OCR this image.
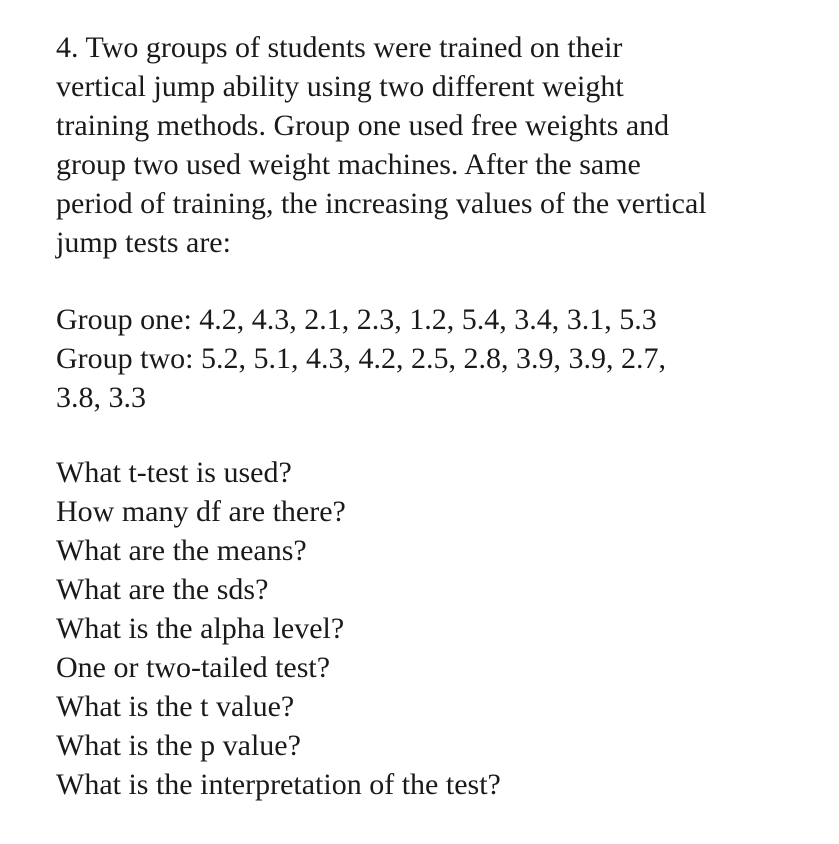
4. Two groups of students were trained on their
vertical jump ability using two different weight
training methods. Group one used free weights and
group two used weight machines. After the same
period of training, the increasing values of the vertical
jump tests are:

Group one: 4.2, 4.3, 2.1, 2.3, 1.2, 5.4, 3.4, 3.1, 5.3
Group two: 5.2, 5.1, 4.3, 4.2, 2.5, 2.8, 3.9, 3.9, 2.7,
3.8, 3.3

What t-test is used?
How many df are there?
What are the means?
What are the sds?
What is the alpha level?
One or two-tailed test?
What is the t value?
What is the p value?
What is the interpretation of the test?
